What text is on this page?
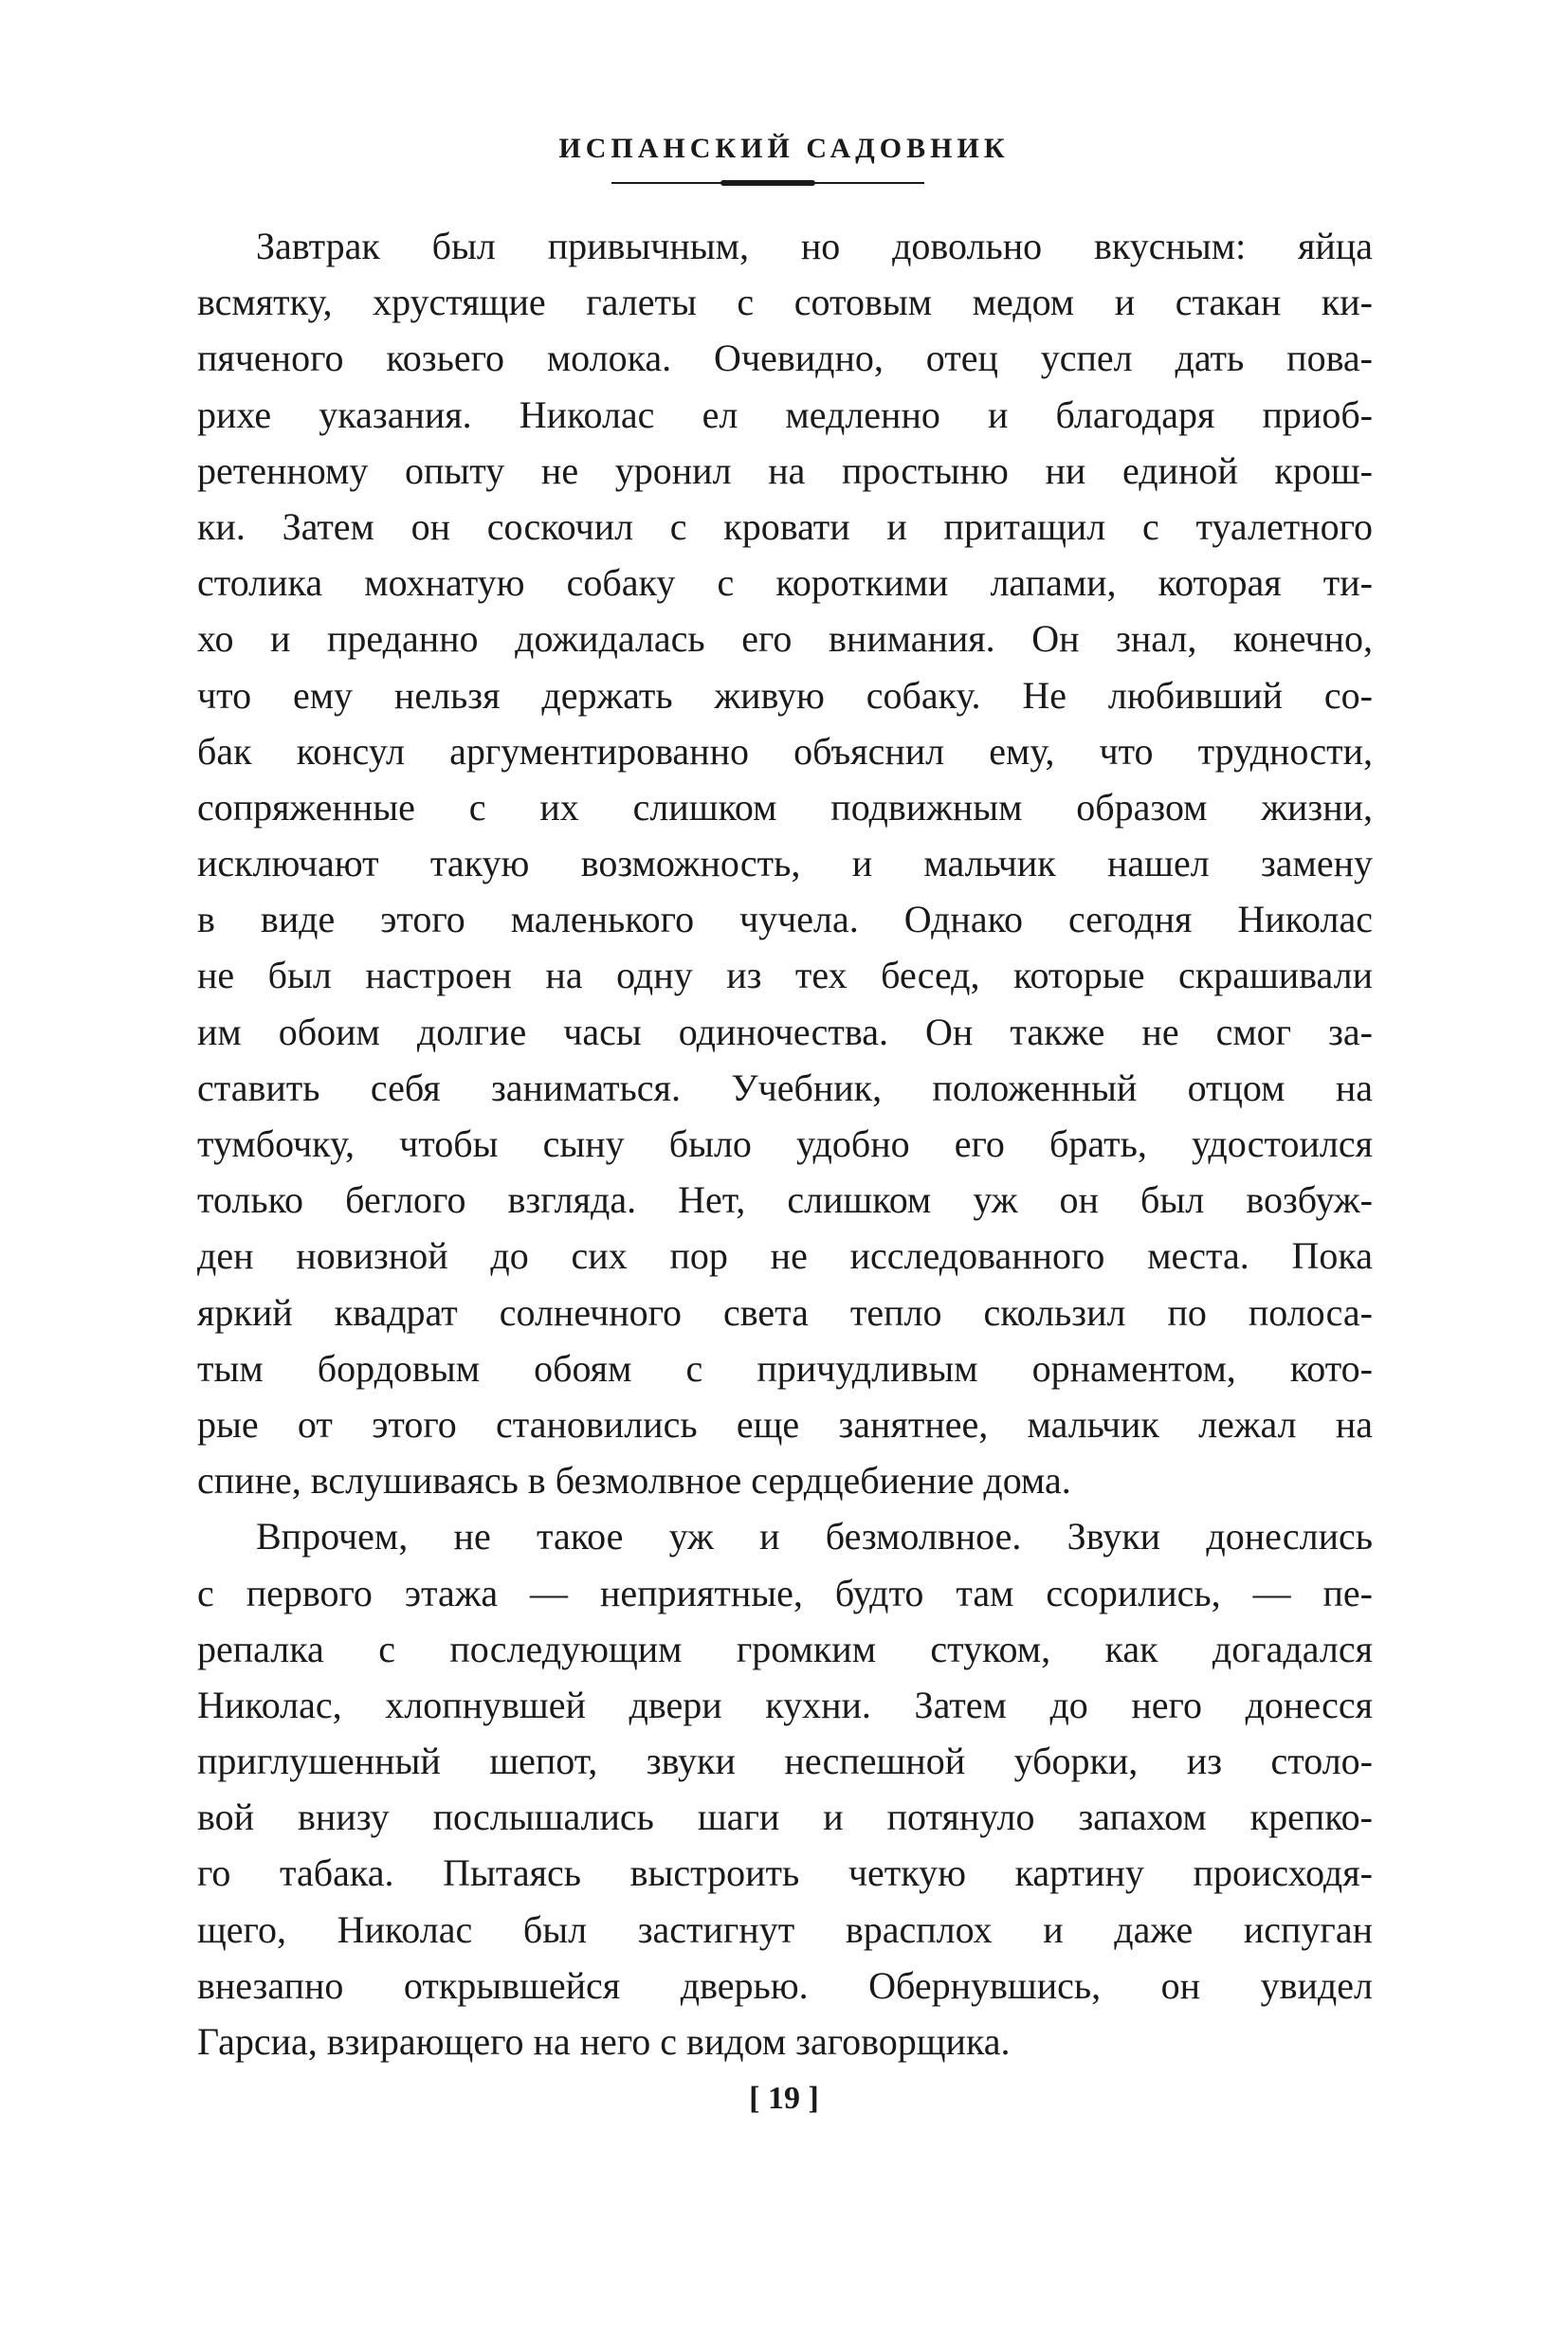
ИСПАНСКИЙ САДОВНИК
Завтрак был привычным, но довольно вкусным: яйца
всмятку, хрустящие галеты с сотовым медом и стакан ки-
пяченого козьего молока. Очевидно, отец успел дать пова-
рихе указания. Николас ел медленно и благодаря приоб-
ретенному опыту не уронил на простыню ни единой крош-
ки. Затем он соскочил с кровати и притащил с туалетного
столика мохнатую собаку с короткими лапами, которая ти-
хо и преданно дожидалась его внимания. Он знал, конечно,
что ему нельзя держать живую собаку. Не любивший со-
бак консул аргументированно объяснил ему, что трудности,
сопряженные с их слишком подвижным образом жизни,
исключают такую возможность, и мальчик нашел замену
в виде этого маленького чучела. Однако сегодня Николас
не был настроен на одну из тех бесед, которые скрашивали
им обоим долгие часы одиночества. Он также не смог за-
ставить себя заниматься. Учебник, положенный отцом на
тумбочку, чтобы сыну было удобно его брать, удостоился
только беглого взгляда. Нет, слишком уж он был возбуж-
ден новизной до сих пор не исследованного места. Пока
яркий квадрат солнечного света тепло скользил по полоса-
тым бордовым обоям с причудливым орнаментом, кото-
рые от этого становились еще занятнее, мальчик лежал на
спине, вслушиваясь в безмолвное сердцебиение дома.
Впрочем, не такое уж и безмолвное. Звуки донеслись
с первого этажа — неприятные, будто там ссорились, — пе-
репалка с последующим громким стуком, как догадался
Николас, хлопнувшей двери кухни. Затем до него донесся
приглушенный шепот, звуки неспешной уборки, из столо-
вой внизу послышались шаги и потянуло запахом крепко-
го табака. Пытаясь выстроить четкую картину происходя-
щего, Николас был застигнут врасплох и даже испуган
внезапно открывшейся дверью. Обернувшись, он увидел
Гарсиа, взирающего на него с видом заговорщика.
[ 19 ]
